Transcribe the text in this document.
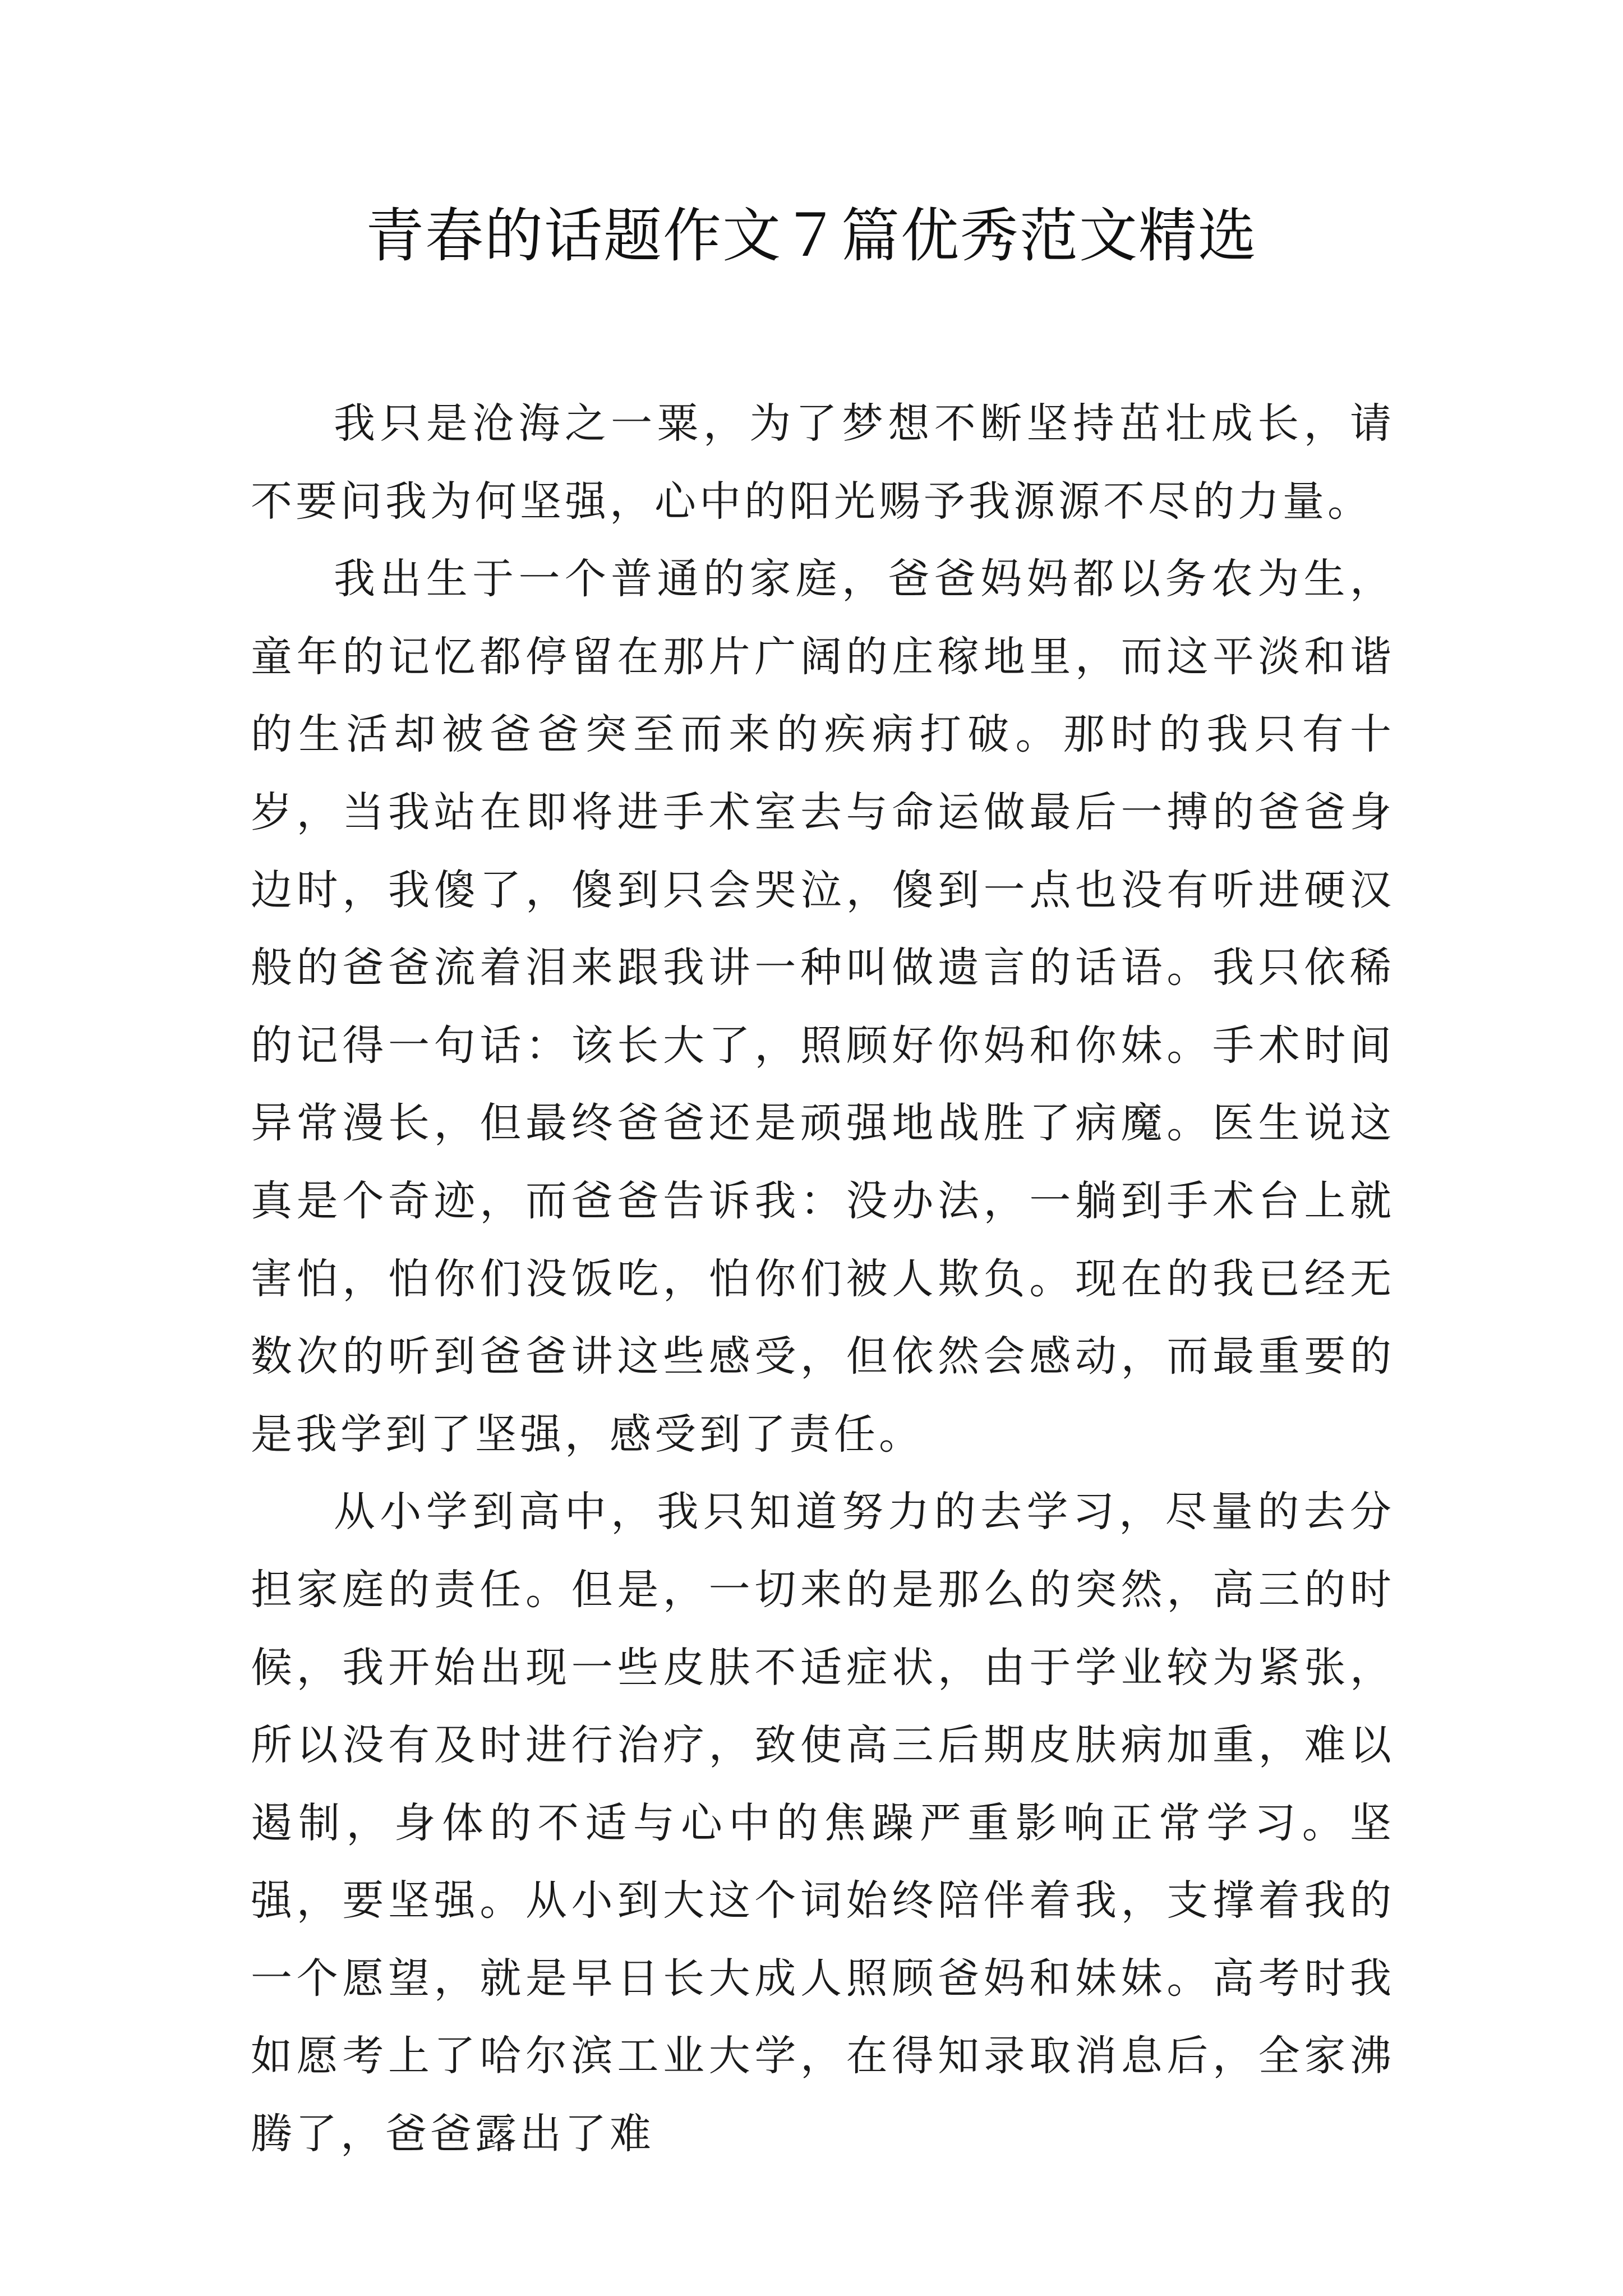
青春的话题作文７篇优秀范文精选

我只是沧海之一粟，为了梦想不断坚持茁壮成长，请不要问我为何坚强，心中的阳光赐予我源源不尽的力量。

我出生于一个普通的家庭，爸爸妈妈都以务农为生，童年的记忆都停留在那片广阔的庄稼地里，而这平淡和谐的生活却被爸爸突至而来的疾病打破。那时的我只有十岁，当我站在即将进手术室去与命运做最后一搏的爸爸身边时，我傻了，傻到只会哭泣，傻到一点也没有听进硬汉般的爸爸流着泪来跟我讲一种叫做遗言的话语。我只依稀的记得一句话：该长大了，照顾好你妈和你妹。手术时间异常漫长，但最终爸爸还是顽强地战胜了病魔。医生说这真是个奇迹，而爸爸告诉我：没办法，一躺到手术台上就害怕，怕你们没饭吃，怕你们被人欺负。现在的我已经无数次的听到爸爸讲这些感受，但依然会感动，而最重要的是我学到了坚强，感受到了责任。

从小学到高中，我只知道努力的去学习，尽量的去分担家庭的责任。但是，一切来的是那么的突然，高三的时候，我开始出现一些皮肤不适症状，由于学业较为紧张，所以没有及时进行治疗，致使高三后期皮肤病加重，难以遏制，身体的不适与心中的焦躁严重影响正常学习。坚强，要坚强。从小到大这个词始终陪伴着我，支撑着我的一个愿望，就是早日长大成人照顾爸妈和妹妹。高考时我如愿考上了哈尔滨工业大学，在得知录取消息后，全家沸腾了，爸爸露出了难
